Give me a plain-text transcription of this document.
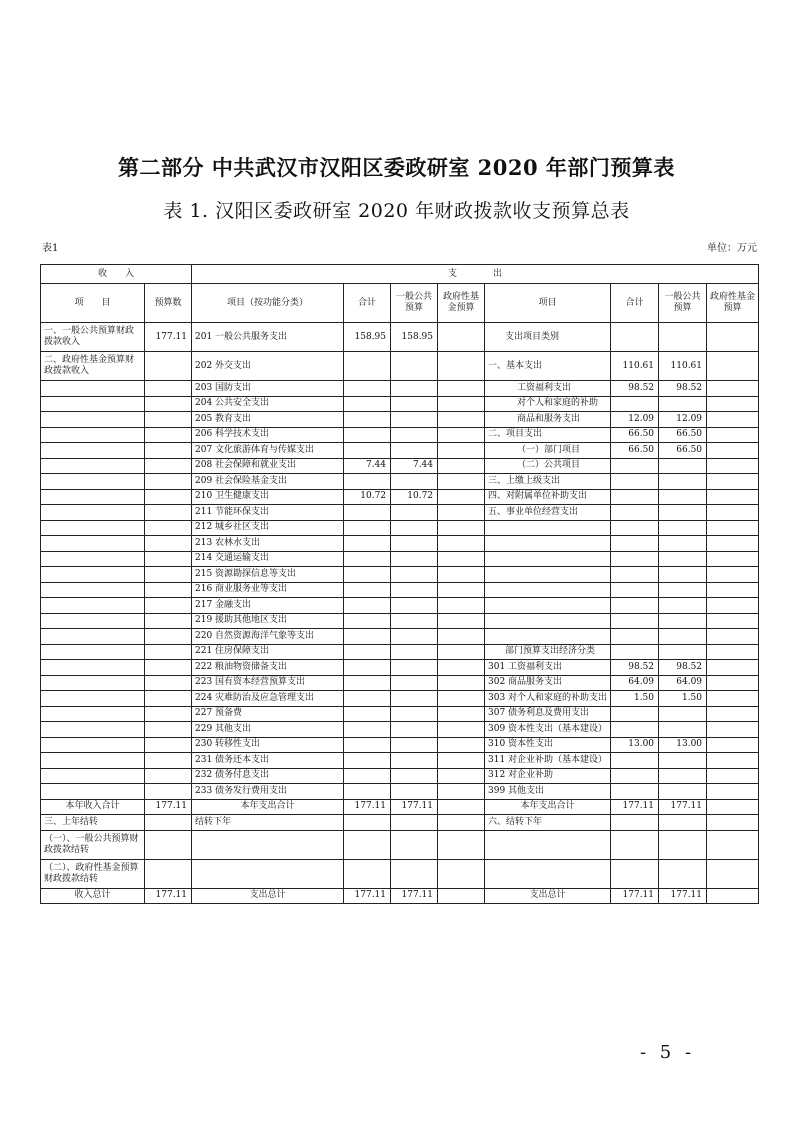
第二部分 中共武汉市汉阳区委政研室 2020 年部门预算表
表 1. 汉阳区委政研室 2020 年财政拨款收支预算总表
表1	单位：万元
收　　入		支　　　　出							
项　　目	预算数	项目（按功能分类）	合计	一般公共预算	政府性基金预算	项目	合计	一般公共预算	政府性基金预算
一、一般公共预算财政拨款收入	177.11	201 一般公共服务支出	158.95	158.95		支出项目类别			
二、政府性基金预算财政拨款收入		202 外交支出				一、基本支出	110.61	110.61	
		203 国防支出				工资福利支出	98.52	98.52	
		204 公共安全支出				对个人和家庭的补助			
		205 教育支出				商品和服务支出	12.09	12.09	
		206 科学技术支出				二、项目支出	66.50	66.50	
		207 文化旅游体育与传媒支出				（一）部门项目	66.50	66.50	
		208 社会保障和就业支出	7.44	7.44		（二）公共项目			
		209 社会保险基金支出				三、上缴上级支出			
		210 卫生健康支出	10.72	10.72		四、对附属单位补助支出			
		211 节能环保支出				五、事业单位经营支出			
		212 城乡社区支出							
		213 农林水支出							
		214 交通运输支出							
		215 资源勘探信息等支出							
		216 商业服务业等支出							
		217 金融支出							
		219 援助其他地区支出							
		220 自然资源海洋气象等支出							
		221 住房保障支出				部门预算支出经济分类			
		222 粮油物资储备支出				301 工资福利支出	98.52	98.52	
		223 国有资本经营预算支出				302 商品服务支出	64.09	64.09	
		224 灾难防治及应急管理支出				303 对个人和家庭的补助支出	1.50	1.50	
		227 预备费				307 债务利息及费用支出			
		229 其他支出				309 资本性支出（基本建设）			
		230 转移性支出				310 资本性支出	13.00	13.00	
		231 债务还本支出				311 对企业补助（基本建设）			
		232 债务付息支出				312 对企业补助			
		233 债务发行费用支出				399 其他支出			
本年收入合计	177.11	本年支出合计	177.11	177.11		本年支出合计	177.11	177.11	
三、上年结转		结转下年				六、结转下年			
（一）、一般公共预算财政拨款结转									
（二）、政府性基金预算财政拨款结转									
收入总计	177.11	支出总计	177.11	177.11		支出总计	177.11	177.11	
- 5 -
